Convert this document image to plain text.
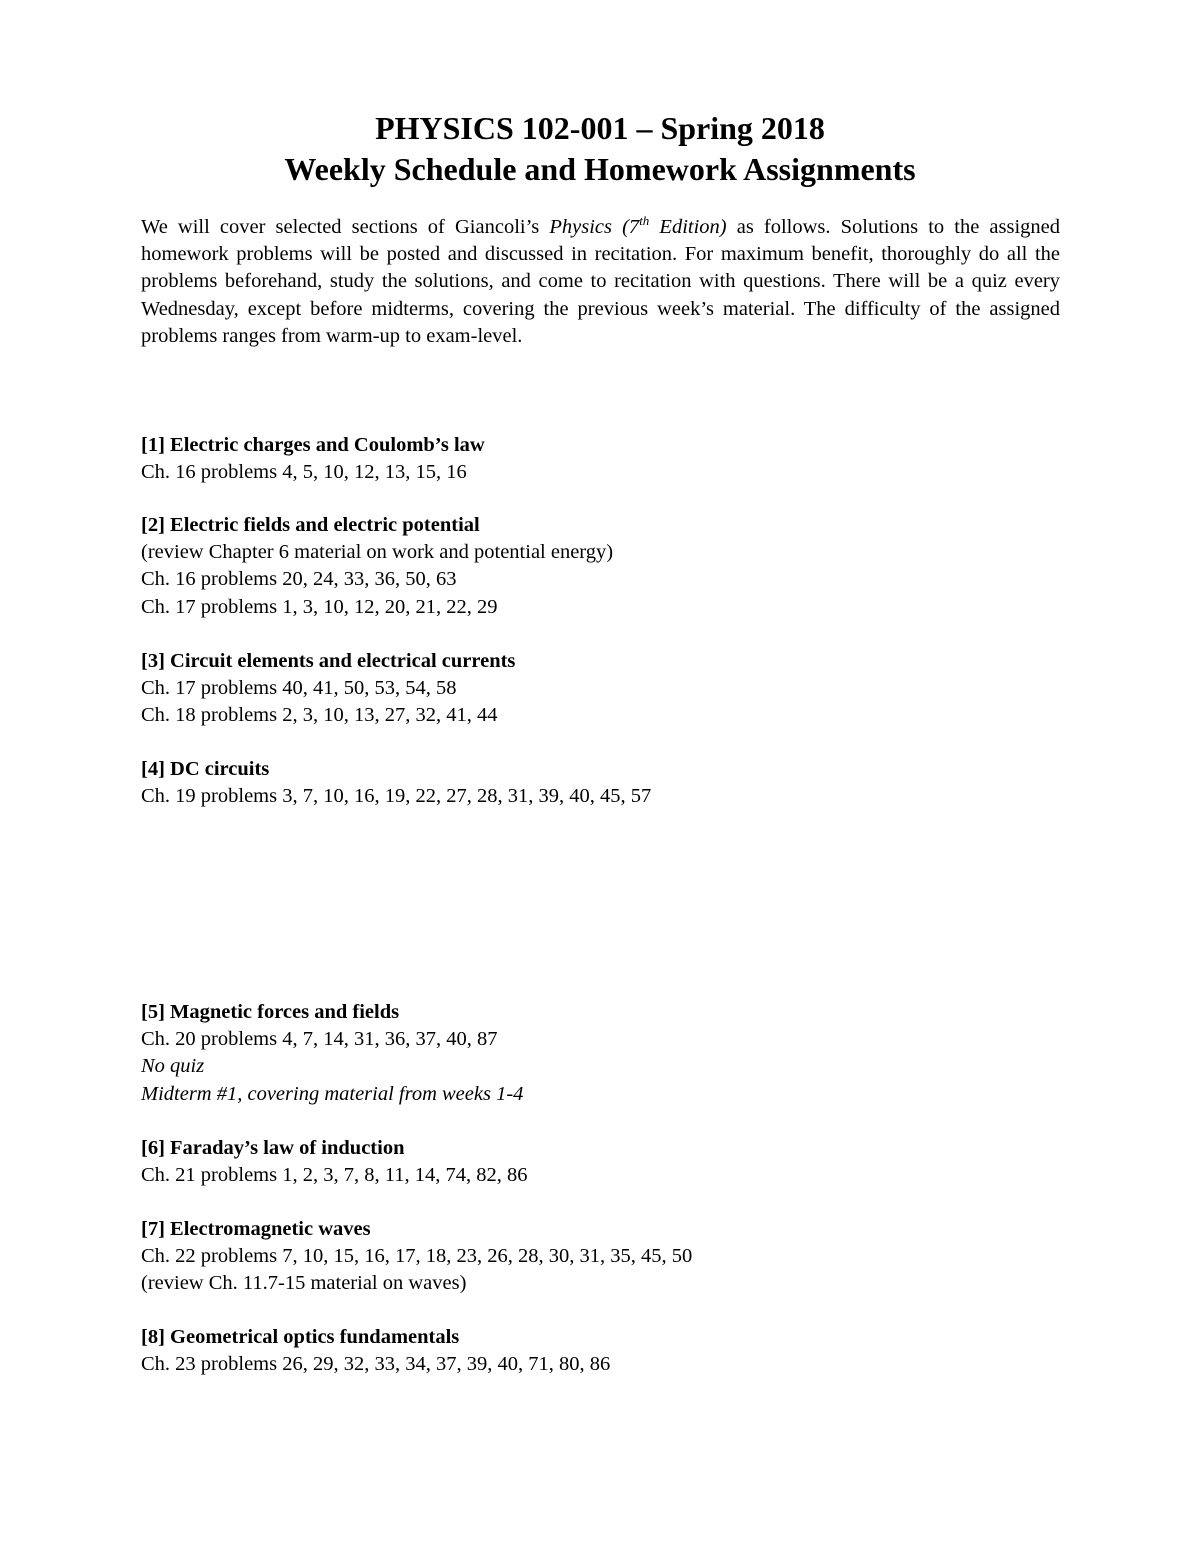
PHYSICS 102-001 – Spring 2018
Weekly Schedule and Homework Assignments
We will cover selected sections of Giancoli’s Physics (7th Edition) as follows. Solutions to the assigned homework problems will be posted and discussed in recitation. For maximum benefit, thoroughly do all the problems beforehand, study the solutions, and come to recitation with questions. There will be a quiz every Wednesday, except before midterms, covering the previous week’s material. The difficulty of the assigned problems ranges from warm-up to exam-level.
[1] Electric charges and Coulomb’s law
Ch. 16 problems 4, 5, 10, 12, 13, 15, 16
[2] Electric fields and electric potential
(review Chapter 6 material on work and potential energy)
Ch. 16 problems 20, 24, 33, 36, 50, 63
Ch. 17 problems 1, 3, 10, 12, 20, 21, 22, 29
[3] Circuit elements and electrical currents
Ch. 17 problems 40, 41, 50, 53, 54, 58
Ch. 18 problems 2, 3, 10, 13, 27, 32, 41, 44
[4] DC circuits
Ch. 19 problems 3, 7, 10, 16, 19, 22, 27, 28, 31, 39, 40, 45, 57
[5] Magnetic forces and fields
Ch. 20 problems 4, 7, 14, 31, 36, 37, 40, 87
No quiz
Midterm #1, covering material from weeks 1-4
[6] Faraday’s law of induction
Ch. 21 problems 1, 2, 3, 7, 8, 11, 14, 74, 82, 86
[7] Electromagnetic waves
Ch. 22 problems 7, 10, 15, 16, 17, 18, 23, 26, 28, 30, 31, 35, 45, 50
(review Ch. 11.7-15 material on waves)
[8] Geometrical optics fundamentals
Ch. 23 problems 26, 29, 32, 33, 34, 37, 39, 40, 71, 80, 86
